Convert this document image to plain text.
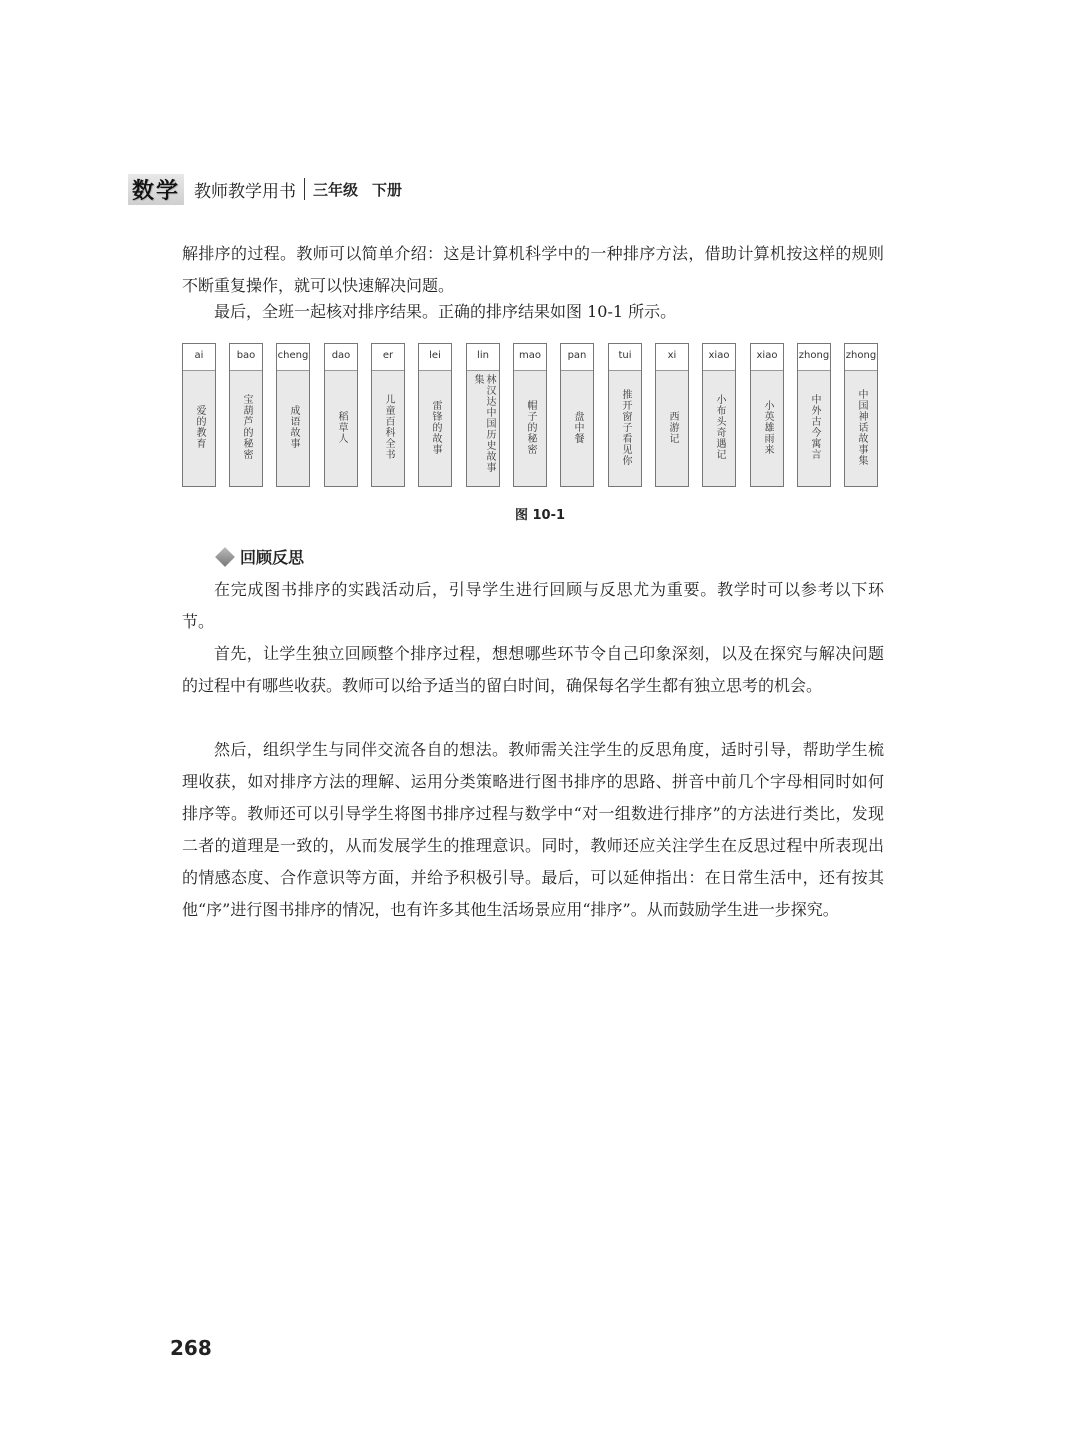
数学 教师教学用书 三年级 下册

解排序的过程。教师可以简单介绍：这是计算机科学中的一种排序方法，借助计算机按这样的规则不断重复操作，就可以快速解决问题。

最后，全班一起核对排序结果。正确的排序结果如图 10-1 所示。

ai
爱的教育
bao
宝葫芦的秘密
cheng
成语故事
dao
稻草人
er
儿童百科全书
lei
雷锋的故事
lin
林汉达中国历史故事集
mao
帽子的秘密
pan
盘中餐
tui
推开窗子看见你
xi
西游记
xiao
小布头奇遇记
xiao
小英雄雨来
zhong
中外古今寓言
zhong
中国神话故事集
图 10-1
回顾反思

在完成图书排序的实践活动后，引导学生进行回顾与反思尤为重要。教学时可以参考以下环节。

首先，让学生独立回顾整个排序过程，想想哪些环节令自己印象深刻，以及在探究与解决问题的过程中有哪些收获。教师可以给予适当的留白时间，确保每名学生都有独立思考的机会。

然后，组织学生与同伴交流各自的想法。教师需关注学生的反思角度，适时引导，帮助学生梳理收获，如对排序方法的理解、运用分类策略进行图书排序的思路、拼音中前几个字母相同时如何排序等。教师还可以引导学生将图书排序过程与数学中“对一组数进行排序”的方法进行类比，发现二者的道理是一致的，从而发展学生的推理意识。同时，教师还应关注学生在反思过程中所表现出的情感态度、合作意识等方面，并给予积极引导。最后，可以延伸指出：在日常生活中，还有按其他“序”进行图书排序的情况，也有许多其他生活场景应用“排序”。从而鼓励学生进一步探究。

268
